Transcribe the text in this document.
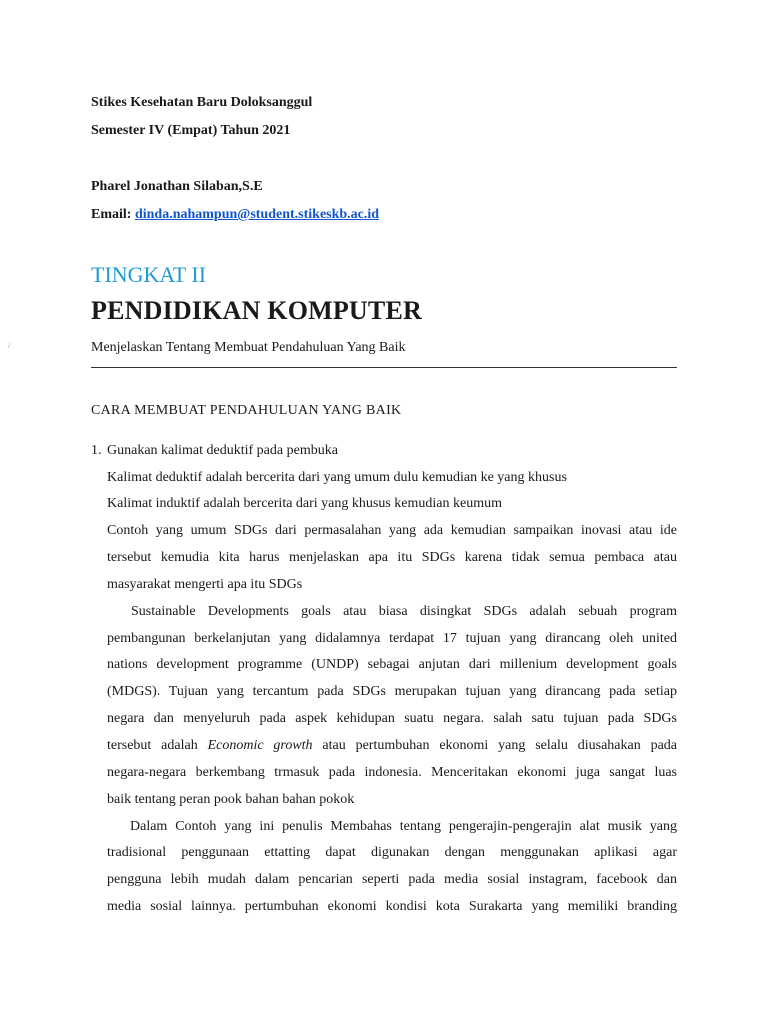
Stikes Kesehatan Baru Doloksanggul
Semester IV (Empat) Tahun 2021
Pharel Jonathan Silaban,S.E
Email: dinda.nahampun@student.stikeskb.ac.id
TINGKAT II
PENDIDIKAN KOMPUTER
/	Menjelaskan Tentang Membuat Pendahuluan Yang Baik
CARA MEMBUAT PENDAHULUAN YANG BAIK
1. Gunakan kalimat deduktif pada pembuka
Kalimat deduktif adalah bercerita dari yang umum dulu kemudian ke yang khusus
Kalimat induktif adalah bercerita dari yang khusus kemudian keumum
Contoh yang umum SDGs dari permasalahan yang ada kemudian sampaikan inovasi atau ide
tersebut kemudia kita harus menjelaskan apa itu SDGs karena tidak semua pembaca atau
masyarakat mengerti apa itu SDGs
Sustainable Developments goals atau biasa disingkat SDGs adalah sebuah program
pembangunan berkelanjutan yang didalamnya terdapat 17 tujuan yang dirancang oleh united
nations development programme (UNDP) sebagai anjutan dari millenium development goals
(MDGS). Tujuan yang tercantum pada SDGs merupakan tujuan yang dirancang pada setiap
negara dan menyeluruh pada aspek kehidupan suatu negara. salah satu tujuan pada SDGs
tersebut adalah Economic growth atau pertumbuhan ekonomi yang selalu diusahakan pada
negara-negara berkembang trmasuk pada indonesia. Menceritakan ekonomi juga sangat luas
baik tentang peran pook bahan bahan pokok
Dalam Contoh yang ini penulis Membahas tentang pengerajin-pengerajin alat musik yang
tradisional penggunaan ettatting dapat digunakan dengan menggunakan aplikasi agar
pengguna lebih mudah dalam pencarian seperti pada media sosial instagram, facebook dan
media sosial lainnya. pertumbuhan ekonomi kondisi kota Surakarta yang memiliki branding
